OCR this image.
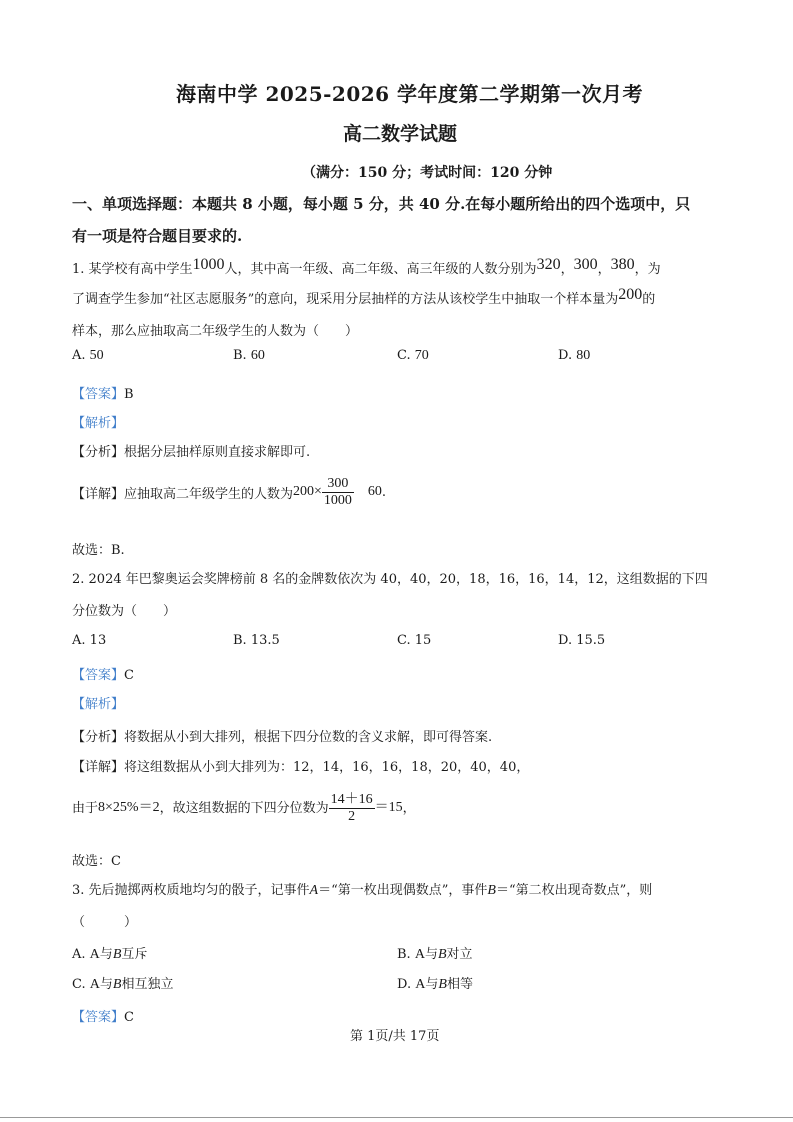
海南中学 2025-2026 学年度第二学期第一次月考
高二数学试题
（满分：150 分；考试时间：120 分钟
一、单项选择题：本题共 8 小题，每小题 5 分，共 40 分.在每小题所给出的四个选项中，只
有一项是符合题目要求的.
1. 某学校有高中学生1000人，其中高一年级、高二年级、高三年级的人数分别为320，300，380，为
了调查学生参加“社区志愿服务”的意向，现采用分层抽样的方法从该校学生中抽取一个样本量为200的
样本，那么应抽取高二年级学生的人数为（　　）
A. 50	B. 60	C. 70	D. 80
【答案】B
【解析】
【分析】根据分层抽样原则直接求解即可.
【详解】应抽取高二年级学生的人数为 $200\times \frac{300}{1000} 60$ .
故选：B.
2. 2024 年巴黎奥运会奖牌榜前 8 名的金牌数依次为 40，40，20，18，16，16，14，12，这组数据的下四
分位数为（　　）
A. 13	B. 13.5	C. 15	D. 15.5
【答案】C
【解析】
【分析】将数据从小到大排列，根据下四分位数的含义求解，即可得答案.
【详解】将这组数据从小到大排列为：12，14，16，16，18，20，40，40，
由于 8×25%＝2 ，故这组数据的下四分位数为 $\frac{14+16}{2} =15$ ，
故选：C
3. 先后抛掷两枚质地均匀的骰子，记事件A＝“第一枚出现偶数点”，事件B＝“第二枚出现奇数点”，则
（　　　）
A. A与B互斥	B. A与B对立
C. A与B相互独立	D. A与B相等
【答案】C
第 1页/共 17页
